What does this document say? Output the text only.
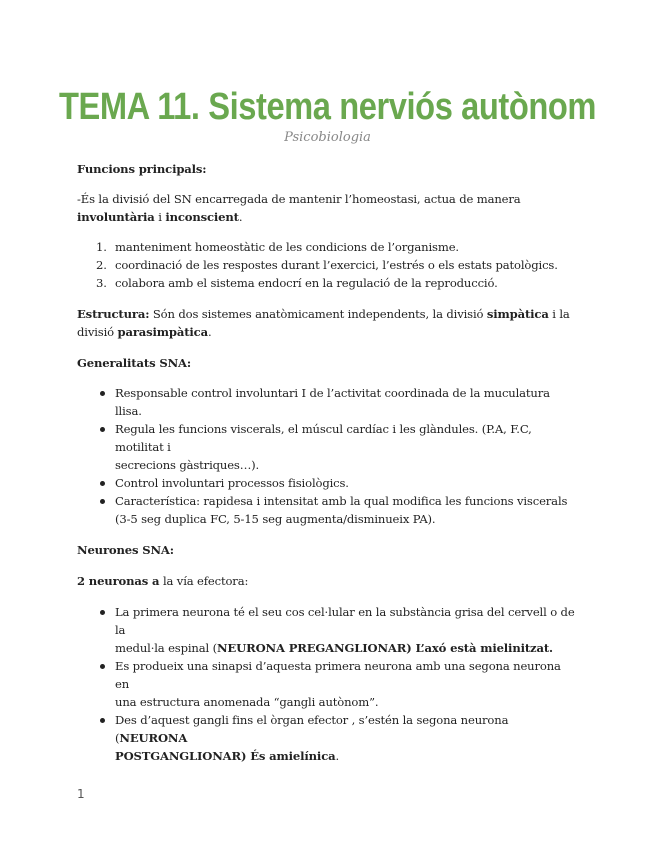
TEMA 11. Sistema nerviós autònom
Psicobiologia

Funcions principals:

-És la divisió del SN encarregada de mantenir l’homeostasi, actua de manera
involuntària i inconscient.

1. manteniment homeostàtic de les condicions de l’organisme.
2. coordinació de les respostes durant l’exercici, l’estrés o els estats patològics.
3. colabora amb el sistema endocrí en la regulació de la reproducció.

Estructura: Són dos sistemes anatòmicament independents, la divisió simpàtica i la
divisió parasimpàtica.

Generalitats SNA:

Responsable control involuntari I de l’activitat coordinada de la muculatura llisa.
Regula les funcions viscerals, el múscul cardíac i les glàndules. (P.A, F.C, motilitat i
secrecions gàstriques…).
Control involuntari processos fisiològics.
Característica: rapidesa i intensitat amb la qual modifica les funcions viscerals
(3-5 seg duplica FC, 5-15 seg augmenta/disminueix PA).

Neurones SNA:

2 neuronas a la vía efectora:

La primera neurona té el seu cos cel·lular en la substància grisa del cervell o de la
medul·la espinal (NEURONA PREGANGLIONAR) L’axó està mielinitzat.
Es produeix una sinapsi d’aquesta primera neurona amb una segona neurona en
una estructura anomenada “gangli autònom”.
Des d’aquest gangli fins el òrgan efector , s’estén la segona neurona (NEURONA
POSTGANGLIONAR) És amielínica.
1
